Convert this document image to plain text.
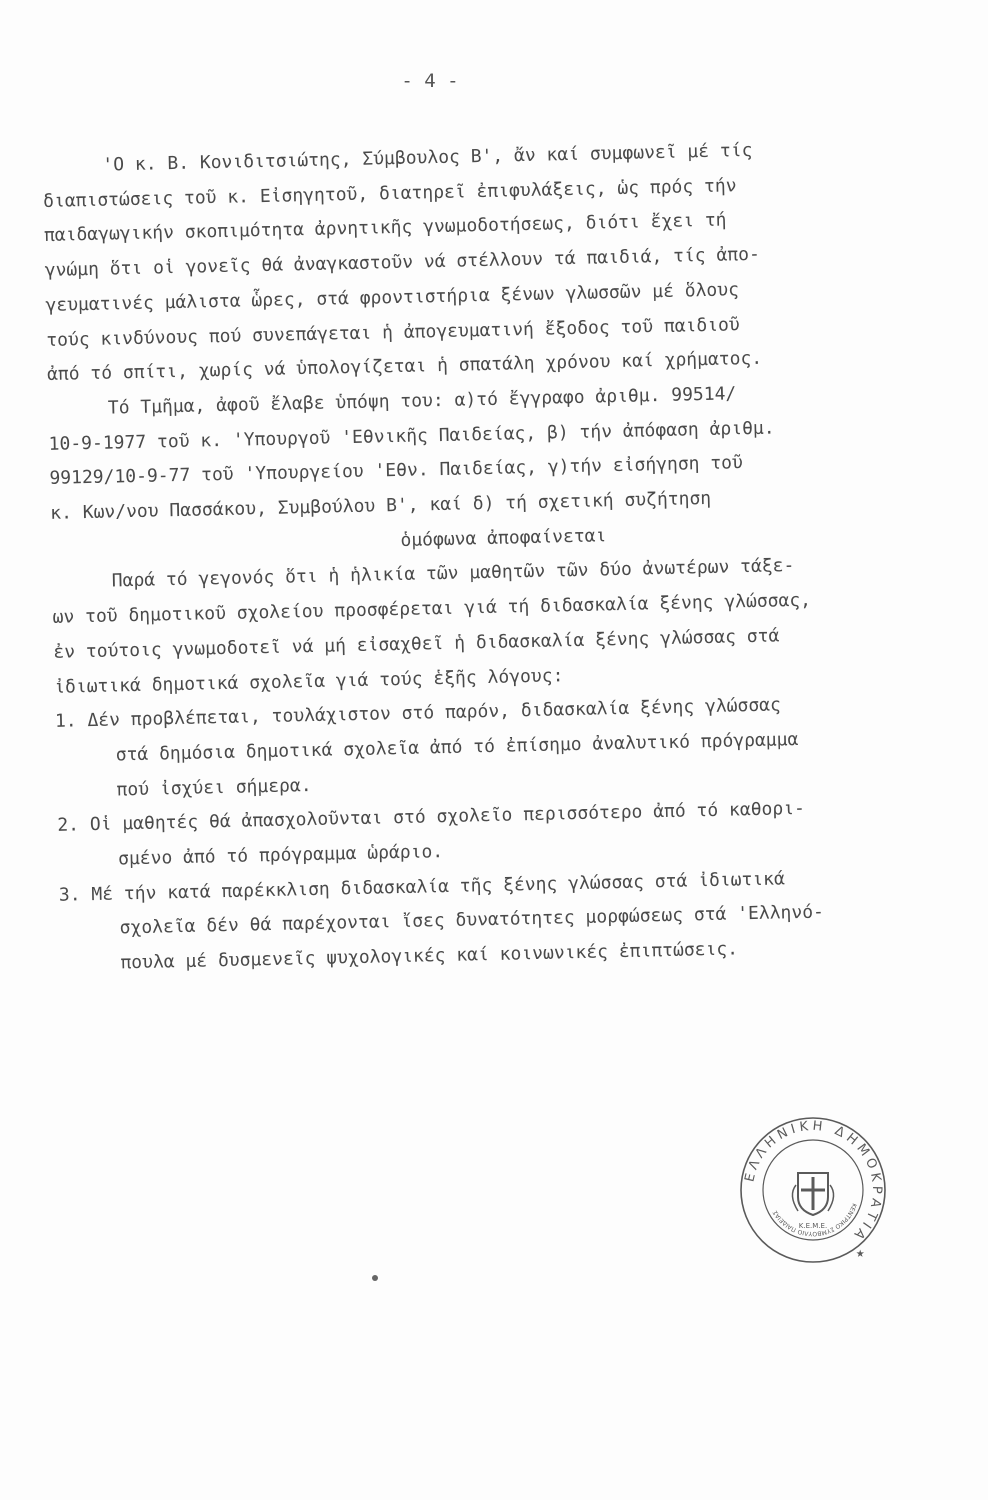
- 4 -
'Ο κ. Β. Κονιδιτσιώτης, Σύμβουλος Β', ἄν καί συμφωνεῖ μέ τίς
διαπιστώσεις τοῦ κ. Εἰσηγητοῦ, διατηρεῖ ἐπιφυλάξεις, ὡς πρός τήν
παιδαγωγικήν σκοπιμότητα ἀρνητικῆς γνωμοδοτήσεως, διότι ἔχει τή
γνώμη ὅτι οἱ γονεῖς θά ἀναγκαστοῦν νά στέλλουν τά παιδιά, τίς ἀπο-
γευματινές μάλιστα ὧρες, στά φροντιστήρια ξένων γλωσσῶν μέ ὅλους
τούς κινδύνους πού συνεπάγεται ἡ ἀπογευματινή ἔξοδος τοῦ παιδιοῦ
ἀπό τό σπίτι, χωρίς νά ὑπολογίζεται ἡ σπατάλη χρόνου καί χρήματος.
Τό Τμῆμα, ἀφοῦ ἔλαβε ὑπόψη του: α)τό ἔγγραφο ἀριθμ. 99514/
10-9-1977 τοῦ κ. 'Υπουργοῦ 'Εθνικῆς Παιδείας, β) τήν ἀπόφαση ἀριθμ.
99129/10-9-77 τοῦ 'Υπουργείου 'Εθν. Παιδείας, γ)τήν εἰσήγηση τοῦ
κ. Κων/νου Πασσάκου, Συμβούλου Β', καί δ) τή σχετική συζήτηση
ὁμόφωνα ἀποφαίνεται
Παρά τό γεγονός ὅτι ἡ ἡλικία τῶν μαθητῶν τῶν δύο ἀνωτέρων τάξε-
ων τοῦ δημοτικοῦ σχολείου προσφέρεται γιά τή διδασκαλία ξένης γλώσσας,
ἐν τούτοις γνωμοδοτεῖ νά μή εἰσαχθεῖ ἡ διδασκαλία ξένης γλώσσας στά
ἰδιωτικά δημοτικά σχολεῖα γιά τούς ἑξῆς λόγους:
1. Δέν προβλέπεται, τουλάχιστον στό παρόν, διδασκαλία ξένης γλώσσας
στά δημόσια δημοτικά σχολεῖα ἀπό τό ἐπίσημο ἀναλυτικό πρόγραμμα
πού ἰσχύει σήμερα.
2. Οἱ μαθητές θά ἀπασχολοῦνται στό σχολεῖο περισσότερο ἀπό τό καθορι-
σμένο ἀπό τό πρόγραμμα ὡράριο.
3. Μέ τήν κατά παρέκκλιση διδασκαλία τῆς ξένης γλώσσας στά ἰδιωτικά
σχολεῖα δέν θά παρέχονται ἴσες δυνατότητες μορφώσεως στά 'Ελληνό-
πουλα μέ δυσμενεῖς ψυχολογικές καί κοινωνικές ἐπιπτώσεις.
ΕΛΛΗΝΙΚΗ ΔΗΜΟΚΡΑΤΙΑ
ΚΕΝΤΡΙΚΟ ΣΥΜΒΟΥΛΙΟ ΠΑΙΔΕΙΑΣ
Κ.Ε.Μ.Ε.
★
